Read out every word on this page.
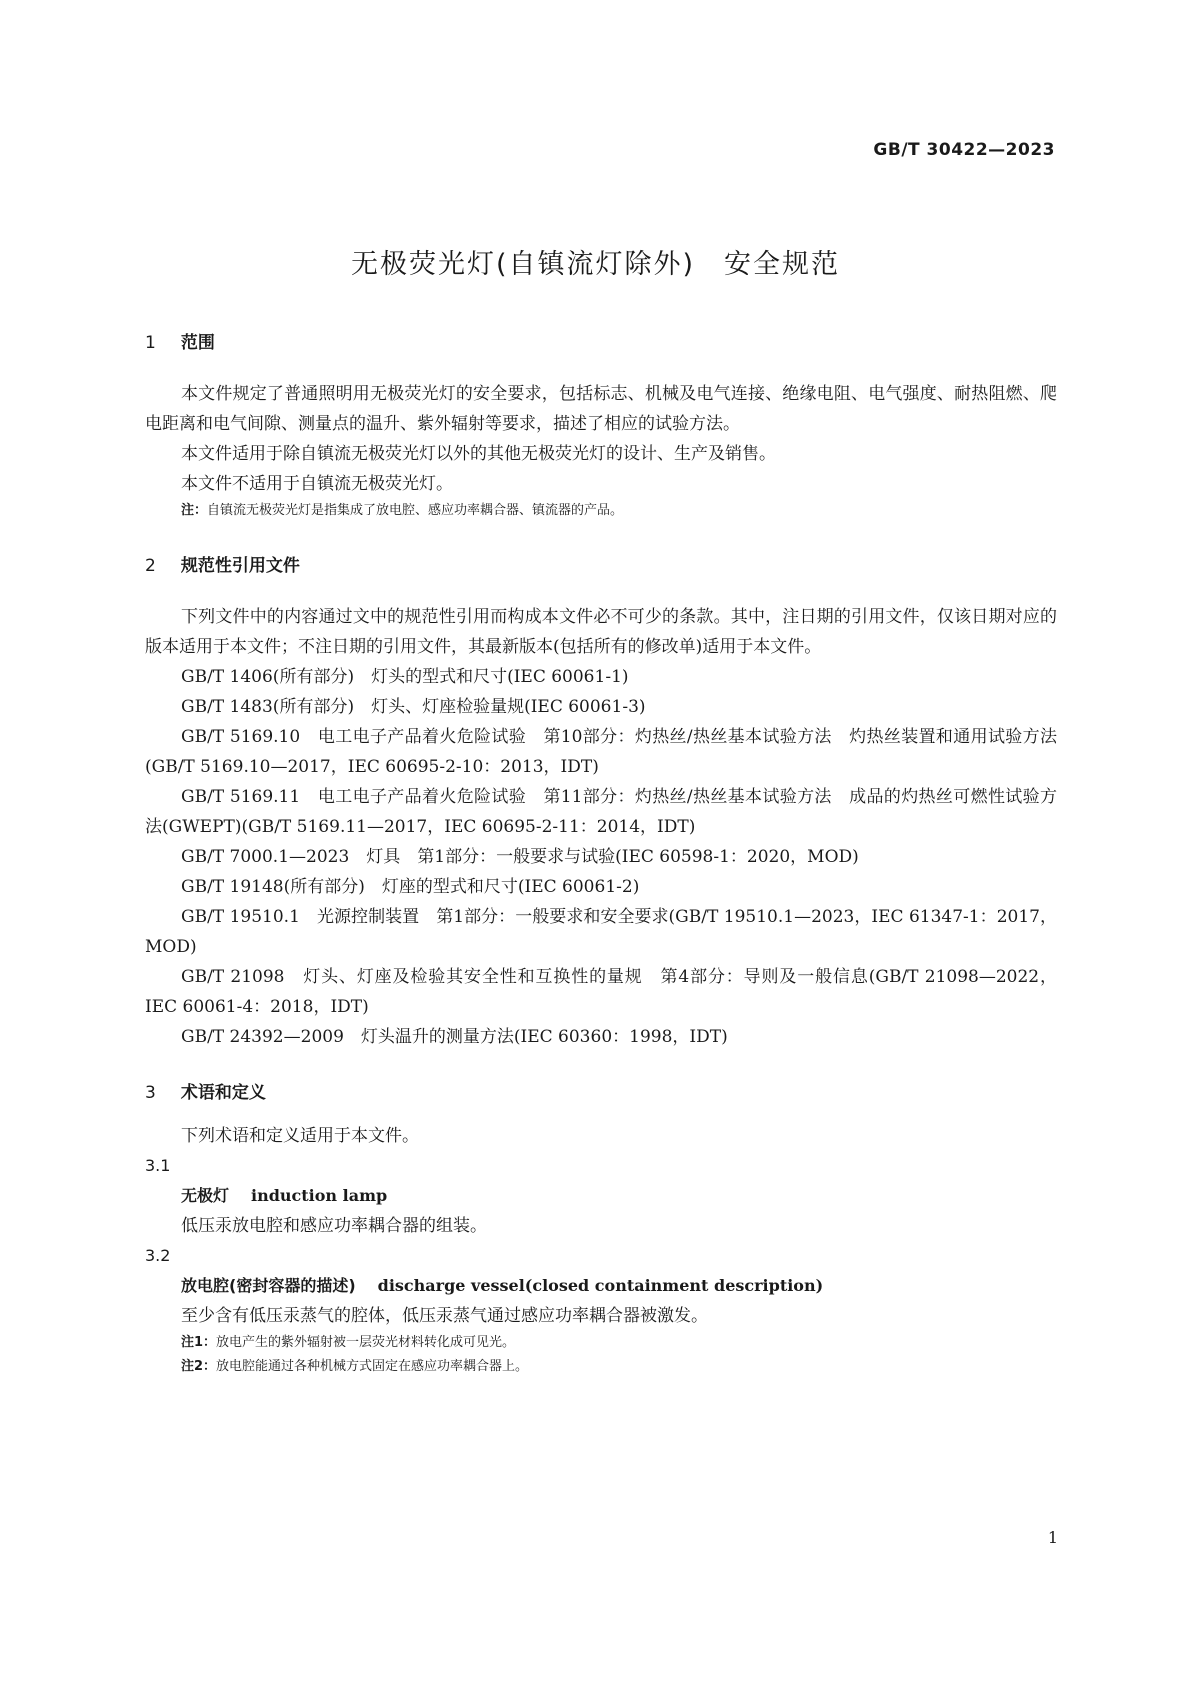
GB/T 30422—2023
无极荧光灯(自镇流灯除外)　安全规范
1 范围

本文件规定了普通照明用无极荧光灯的安全要求，包括标志、机械及电气连接、绝缘电阻、电气强度、耐热阻燃、爬电距离和电气间隙、测量点的温升、紫外辐射等要求，描述了相应的试验方法。

本文件适用于除自镇流无极荧光灯以外的其他无极荧光灯的设计、生产及销售。

本文件不适用于自镇流无极荧光灯。

注：自镇流无极荧光灯是指集成了放电腔、感应功率耦合器、镇流器的产品。
2 规范性引用文件

下列文件中的内容通过文中的规范性引用而构成本文件必不可少的条款。其中，注日期的引用文件，仅该日期对应的版本适用于本文件；不注日期的引用文件，其最新版本(包括所有的修改单)适用于本文件。

GB/T 1406(所有部分)　灯头的型式和尺寸(IEC 60061-1)

GB/T 1483(所有部分)　灯头、灯座检验量规(IEC 60061-3)

GB/T 5169.10　电工电子产品着火危险试验　第10部分：灼热丝/热丝基本试验方法　灼热丝装置和通用试验方法(GB/T 5169.10—2017，IEC 60695-2-10：2013，IDT)

GB/T 5169.11　电工电子产品着火危险试验　第11部分：灼热丝/热丝基本试验方法　成品的灼热丝可燃性试验方法(GWEPT)(GB/T 5169.11—2017，IEC 60695-2-11：2014，IDT)

GB/T 7000.1—2023　灯具　第1部分：一般要求与试验(IEC 60598-1：2020，MOD)

GB/T 19148(所有部分)　灯座的型式和尺寸(IEC 60061-2)

GB/T 19510.1　光源控制装置　第1部分：一般要求和安全要求(GB/T 19510.1—2023，IEC 61347-1：2017，MOD)

GB/T 21098　灯头、灯座及检验其安全性和互换性的量规　第4部分：导则及一般信息(GB/T 21098—2022，IEC 60061-4：2018，IDT)

GB/T 24392—2009　灯头温升的测量方法(IEC 60360：1998，IDT)

3 术语和定义

下列术语和定义适用于本文件。

3.1
无极灯 induction lamp

低压汞放电腔和感应功率耦合器的组装。

3.2
放电腔(密封容器的描述) discharge vessel(closed containment description)

至少含有低压汞蒸气的腔体，低压汞蒸气通过感应功率耦合器被激发。

注1：放电产生的紫外辐射被一层荧光材料转化成可见光。
注2：放电腔能通过各种机械方式固定在感应功率耦合器上。
1
